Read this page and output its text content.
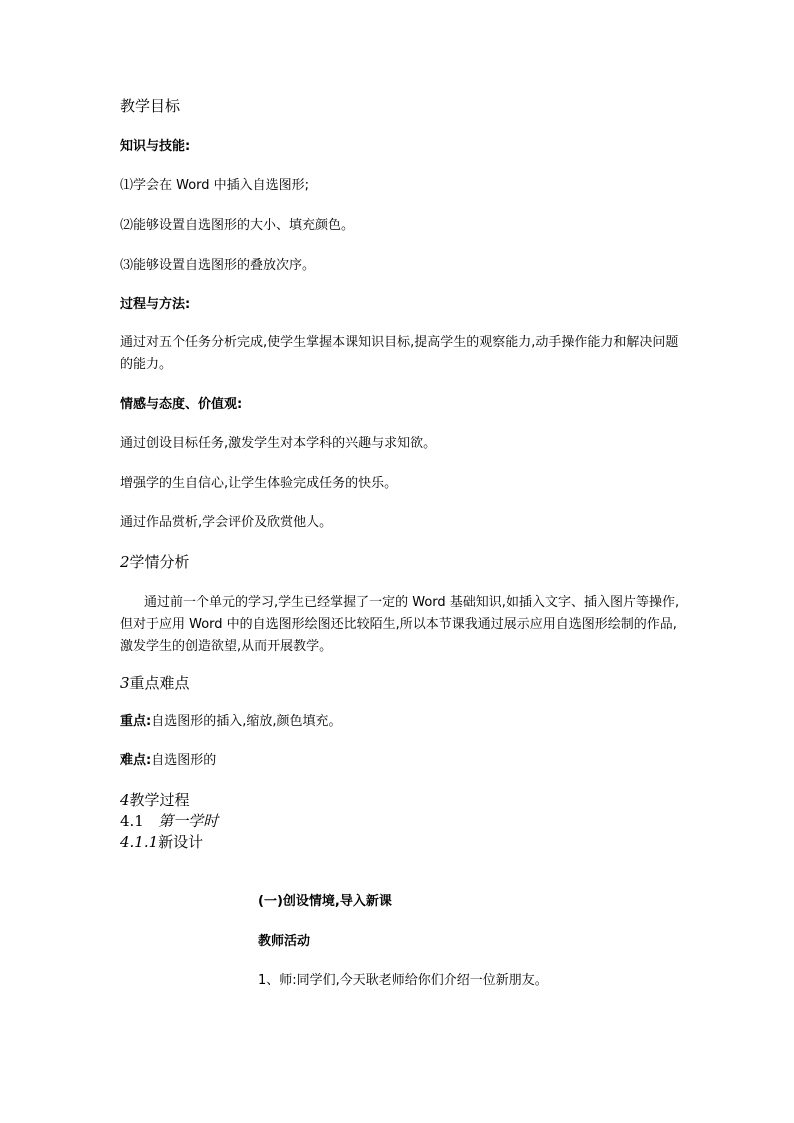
教学目标
知识与技能:
⑴学会在 Word 中插入自选图形;
⑵能够设置自选图形的大小、填充颜色。
⑶能够设置自选图形的叠放次序。
过程与方法:
通过对五个任务分析完成,使学生掌握本课知识目标,提高学生的观察能力,动手操作能力和解决问题的能力。
情感与态度、价值观:
通过创设目标任务,激发学生对本学科的兴趣与求知欲。
增强学的生自信心,让学生体验完成任务的快乐。
通过作品赏析,学会评价及欣赏他人。
2学情分析
通过前一个单元的学习,学生已经掌握了一定的 Word 基础知识,如插入文字、插入图片等操作,但对于应用 Word 中的自选图形绘图还比较陌生,所以本节课我通过展示应用自选图形绘制的作品,激发学生的创造欲望,从而开展教学。
3重点难点
重点:自选图形的插入,缩放,颜色填充。
难点:自选图形的
4教学过程
4.1 第一学时
4.1.1新设计
(一)创设情境,导入新课
教师活动
1、师:同学们,今天耿老师给你们介绍一位新朋友。
